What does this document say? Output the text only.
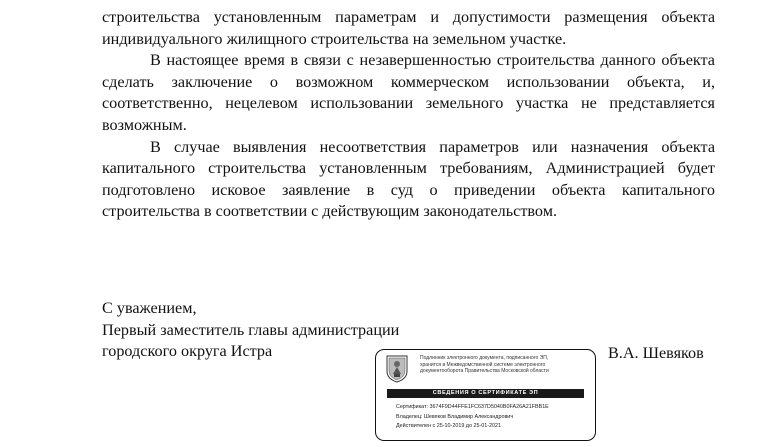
строительства установленным параметрам и допустимости размещения объекта индивидуального жилищного строительства на земельном участке.

В настоящее время в связи с незавершенностью строительства данного объекта сделать заключение о возможном коммерческом использовании объекта, и, соответственно, нецелевом использовании земельного участка не представляется возможным.

В случае выявления несоответствия параметров или назначения объекта капитального строительства установленным требованиям, Администрацией будет подготовлено исковое заявление в суд о приведении объекта капитального строительства в соответствии с действующим законодательством.

С уважением,
Первый заместитель главы администрации
городского округа Истра	В.А. Шевяков
Подлинник электронного документа, подписанного ЭП,
хранится в Межведомственной системе электронного
документооборота Правительства Московской области
СВЕДЕНИЯ О СЕРТИФИКАТЕ ЭП
Сертификат: 3674F9D44FFE1FC637D5040B0FA26A21FBB1E
Владелец: Шевяков Владимир Александрович
Действителен с 25-10-2019 до 25-01-2021
